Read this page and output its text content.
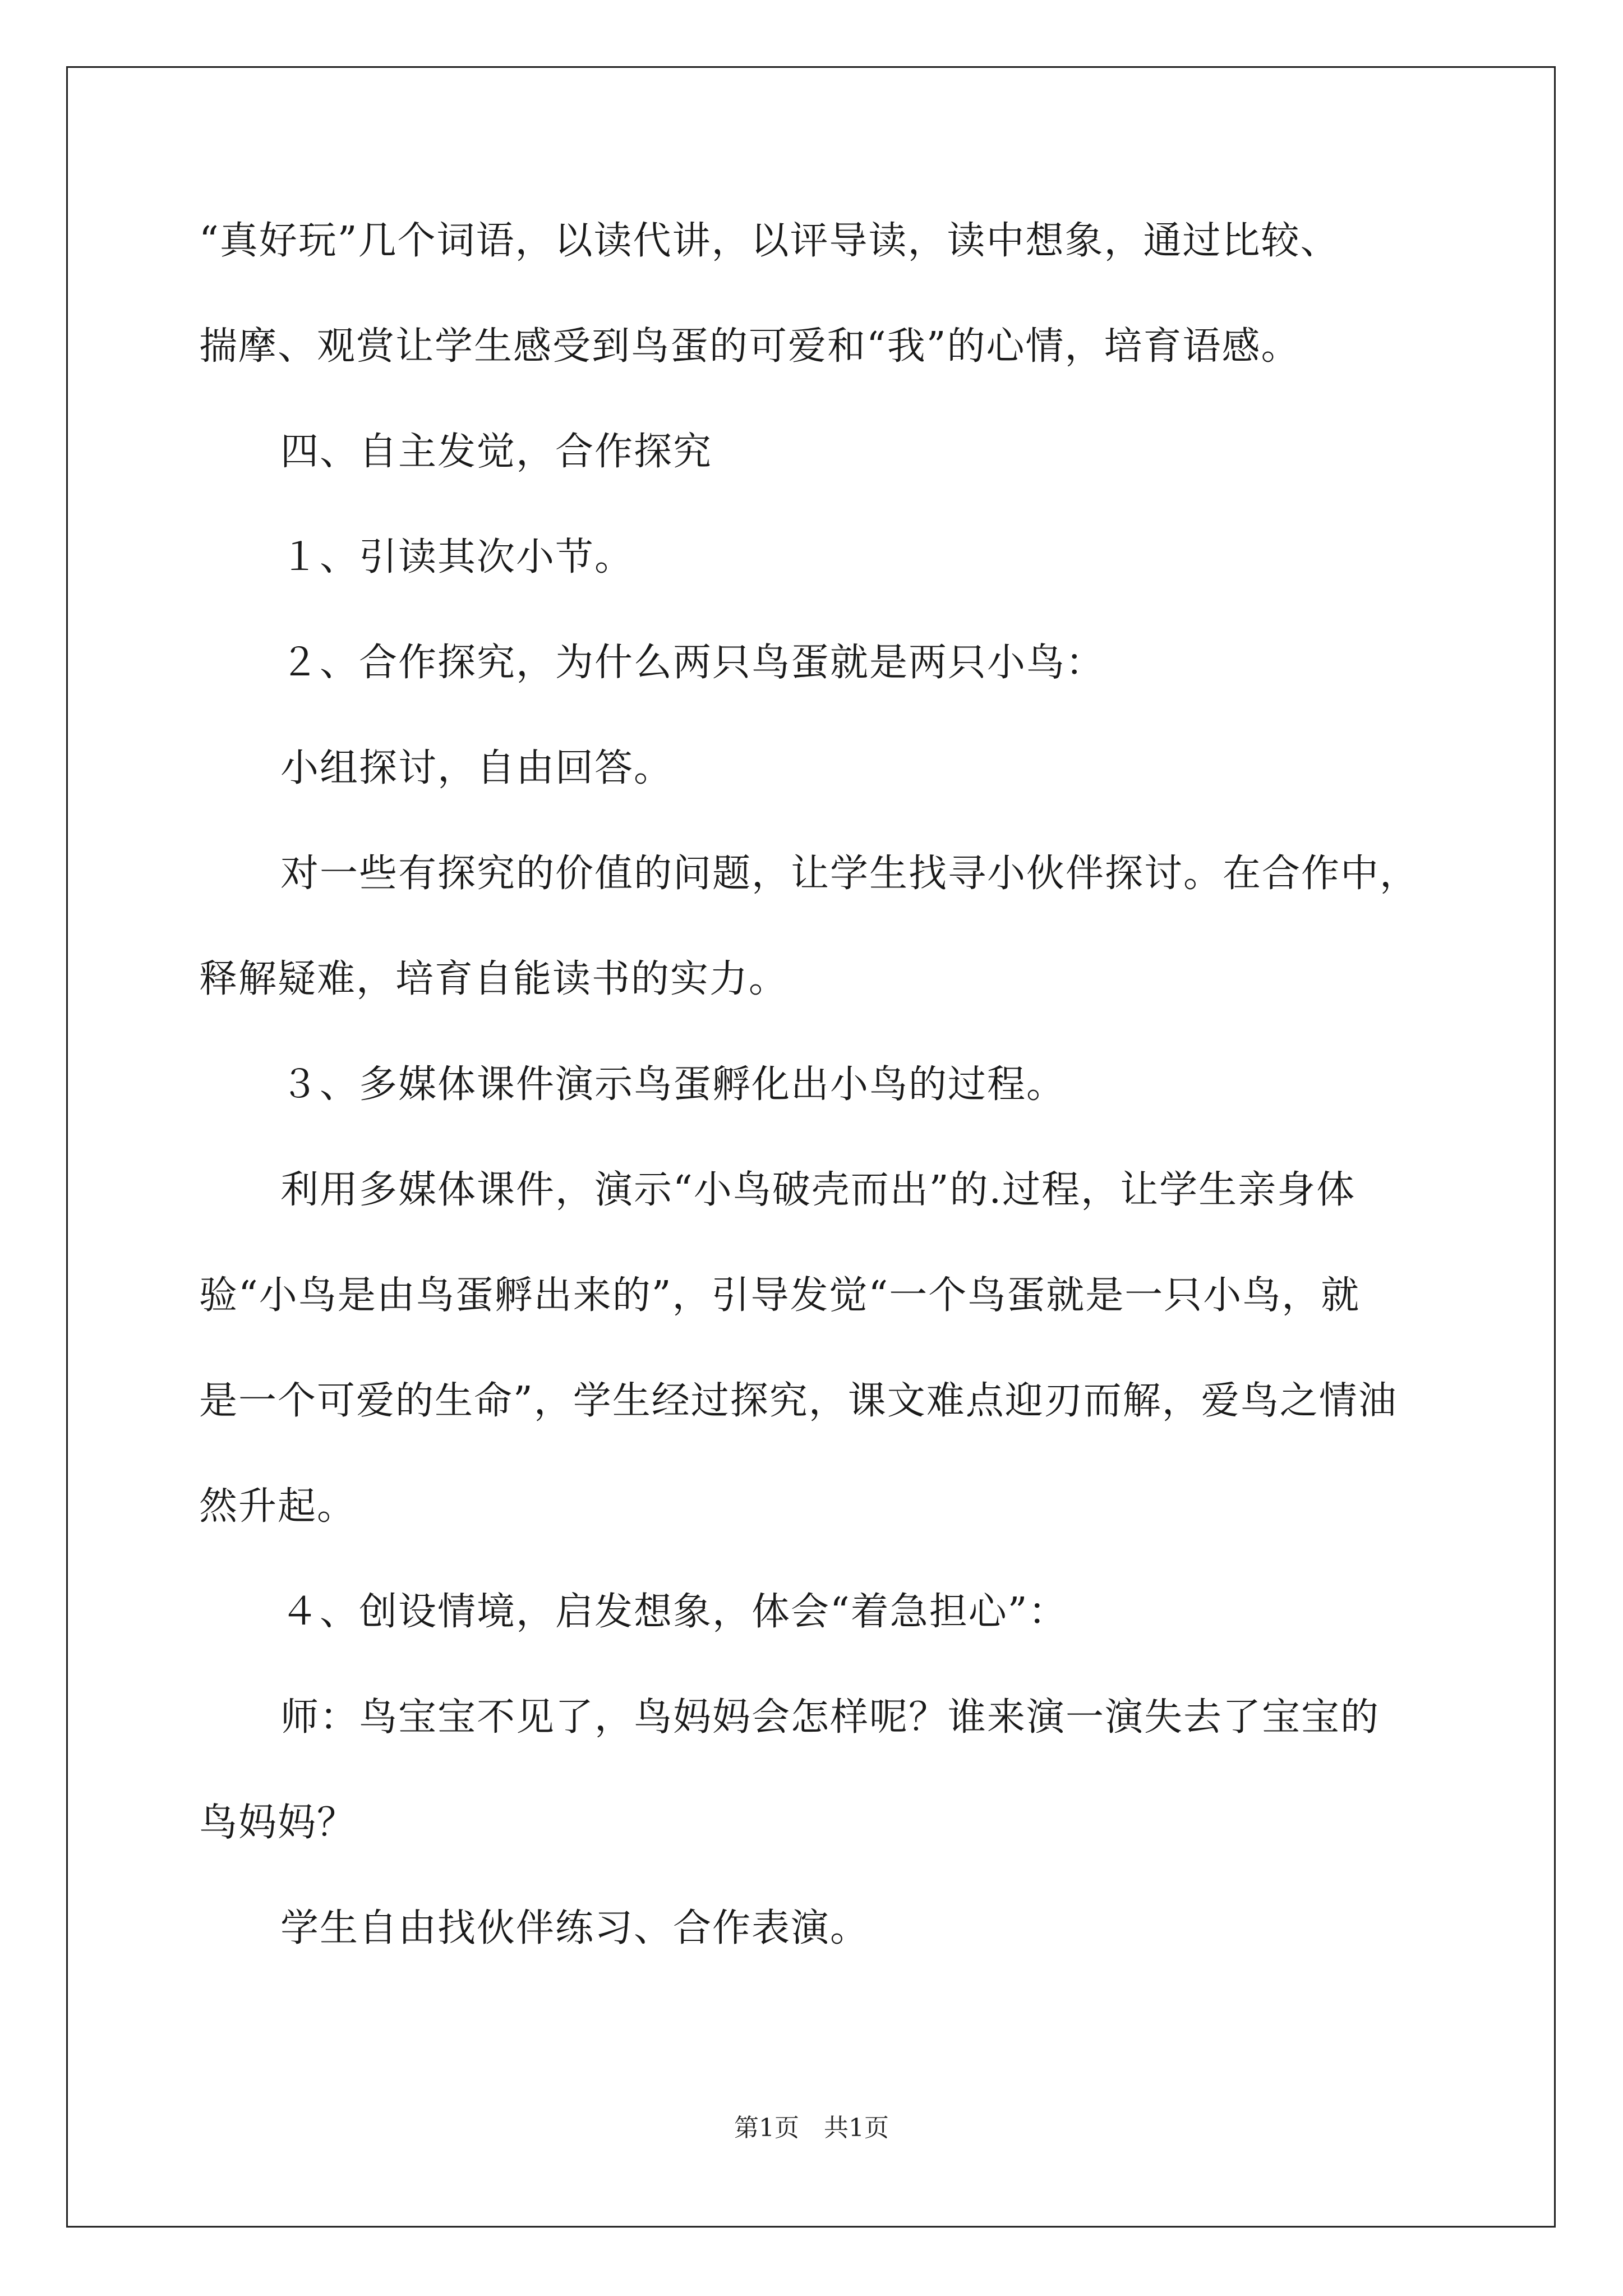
“真好玩”几个词语，以读代讲，以评导读，读中想象，通过比较、
揣摩、观赏让学生感受到鸟蛋的可爱和“我”的心情，培育语感。
四、自主发觉，合作探究
１、引读其次小节。
２、合作探究，为什么两只鸟蛋就是两只小鸟：
小组探讨，自由回答。
对一些有探究的价值的问题，让学生找寻小伙伴探讨。在合作中，
释解疑难，培育自能读书的实力。
３、多媒体课件演示鸟蛋孵化出小鸟的过程。
利用多媒体课件，演示“小鸟破壳而出”的.过程，让学生亲身体
验“小鸟是由鸟蛋孵出来的”，引导发觉“一个鸟蛋就是一只小鸟，就
是一个可爱的生命”，学生经过探究，课文难点迎刃而解，爱鸟之情油
然升起。
４、创设情境，启发想象，体会“着急担心”：
师：鸟宝宝不见了，鸟妈妈会怎样呢？谁来演一演失去了宝宝的
鸟妈妈？
学生自由找伙伴练习、合作表演。
第1页　共1页
